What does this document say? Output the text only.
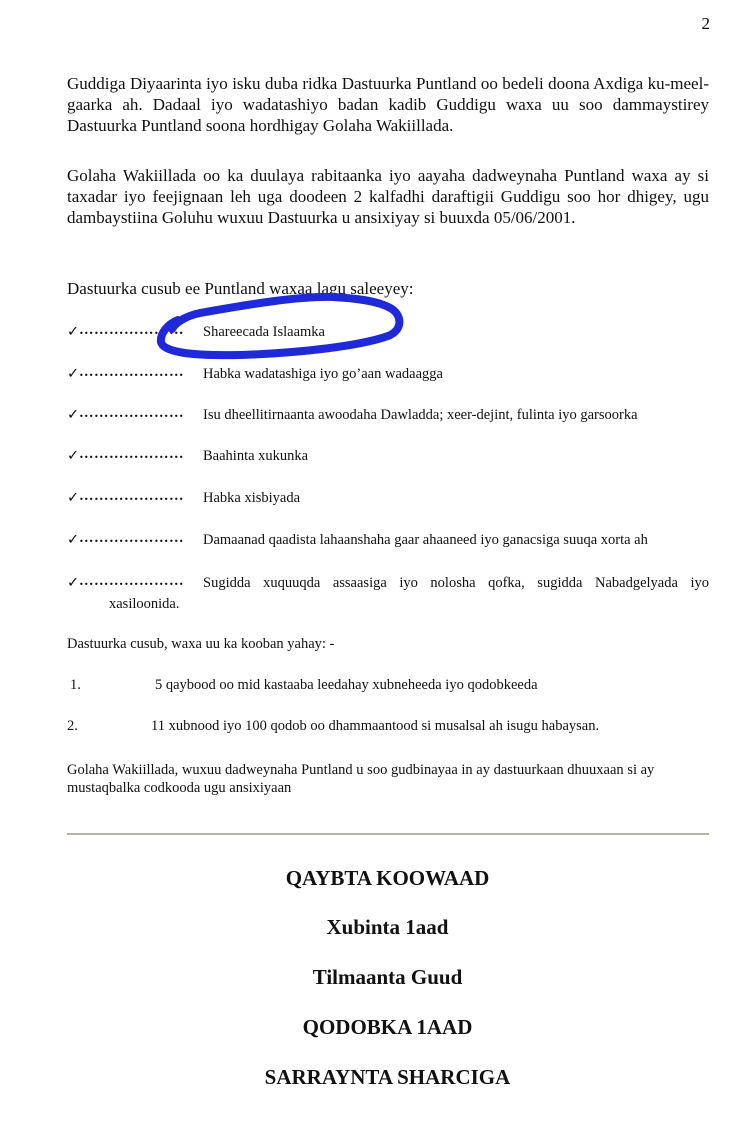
2

Guddiga Diyaarinta iyo isku duba ridka Dastuurka Puntland oo bedeli doona Axdiga ku-meel-gaarka ah. Dadaal iyo wadatashiyo badan kadib Guddigu waxa uu soo dammaystirey Dastuurka Puntland soona hordhigay Golaha Wakiillada.

Golaha Wakiillada oo ka duulaya rabitaanka iyo aayaha dadweynaha Puntland waxa ay si taxadar iyo feejignaan leh uga doodeen 2 kalfadhi daraftigii Guddigu soo hor dhigey, ugu dambaystiina Goluhu wuxuu Dastuurka u ansixiyay si buuxda 05/06/2001.

Dastuurka cusub ee Puntland waxaa lagu saleeyey:

✓ ………………… Shareecada Islaamka
✓ ………………… Habka wadatashiga iyo go’aan wadaagga
✓ ………………… Isu dheellitirnaanta awoodaha Dawladda; xeer-dejint, fulinta iyo garsoorka
✓ ………………… Baahinta xukunka
✓ ………………… Habka xisbiyada
✓ ………………… Damaanad qaadista lahaanshaha gaar ahaaneed iyo ganacsiga suuqa xorta ah
✓ ………………… Sugidda xuquuqda assaasiga iyo nolosha qofka, sugidda Nabadgelyada iyo
xasiloonida.

Dastuurka cusub, waxa uu ka kooban yahay: -

1.	5 qaybood oo mid kastaaba leedahay xubneheeda iyo qodobkeeda
2.	11 xubnood iyo 100 qodob oo dhammaantood si musalsal ah isugu habaysan.

Golaha Wakiillada, wuxuu dadweynaha Puntland u soo gudbinayaa in ay dastuurkaan dhuuxaan si ay mustaqbalka codkooda ugu ansixiyaan

QAYBTA KOOWAAD
Xubinta 1aad
Tilmaanta Guud
QODOBKA 1AAD
SARRAYNTA SHARCIGA
